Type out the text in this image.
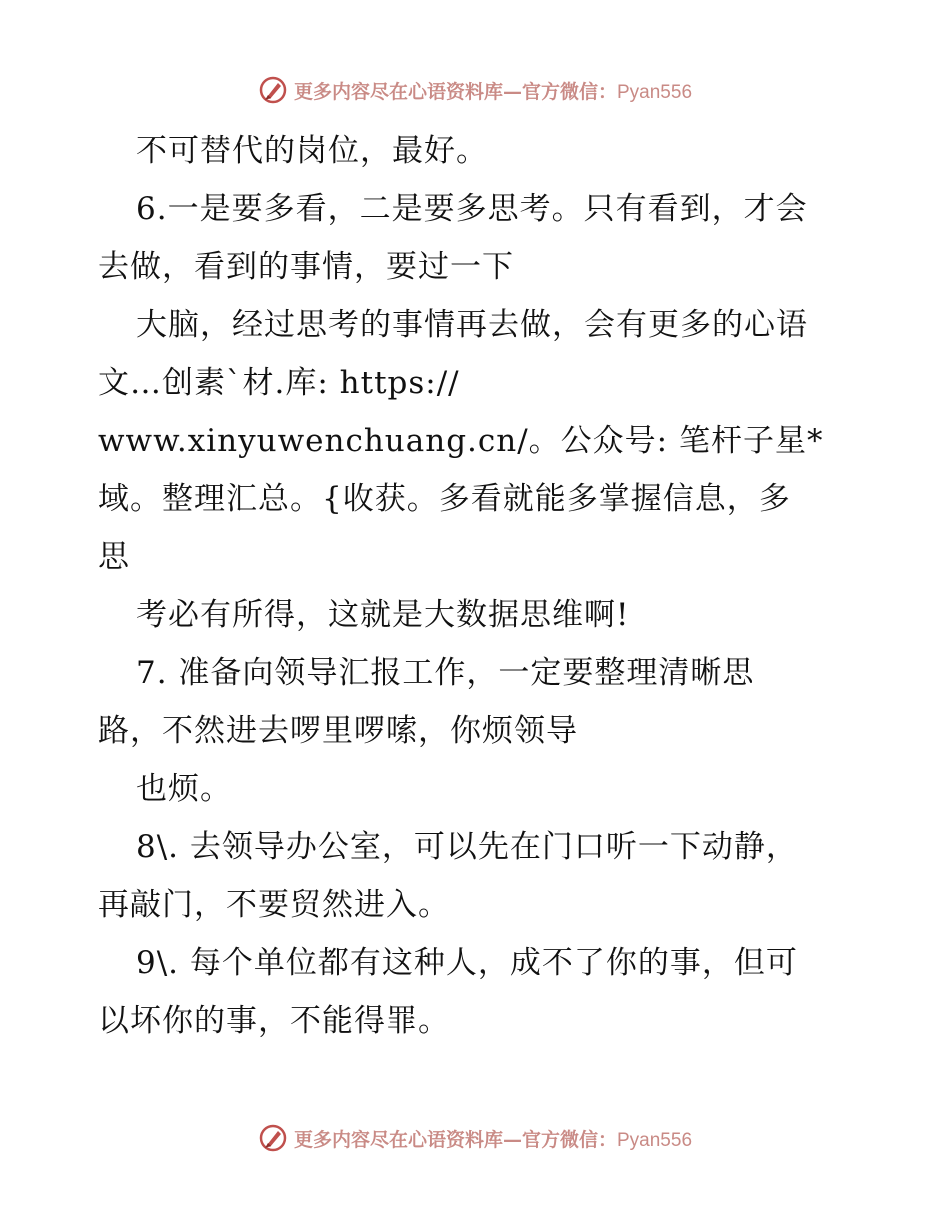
更多内容尽在心语资料库—官方微信：Pyan556
不可替代的岗位，最好。
6.一是要多看，二是要多思考。只有看到，才会
去做，看到的事情，要过一下
大脑，经过思考的事情再去做，会有更多的心语
文…创素`材.库: https://
www.xinyuwenchuang.cn/。公众号: 笔杆子星*
域。整理汇总。{收获。多看就能多掌握信息，多
思
考必有所得，这就是大数据思维啊!
7. 准备向领导汇报工作，一定要整理清晰思
路，不然进去啰里啰嗦，你烦领导
也烦。
8\. 去领导办公室，可以先在门口听一下动静，
再敲门，不要贸然进入。
9\. 每个单位都有这种人，成不了你的事，但可
以坏你的事，不能得罪。
更多内容尽在心语资料库—官方微信：Pyan556
